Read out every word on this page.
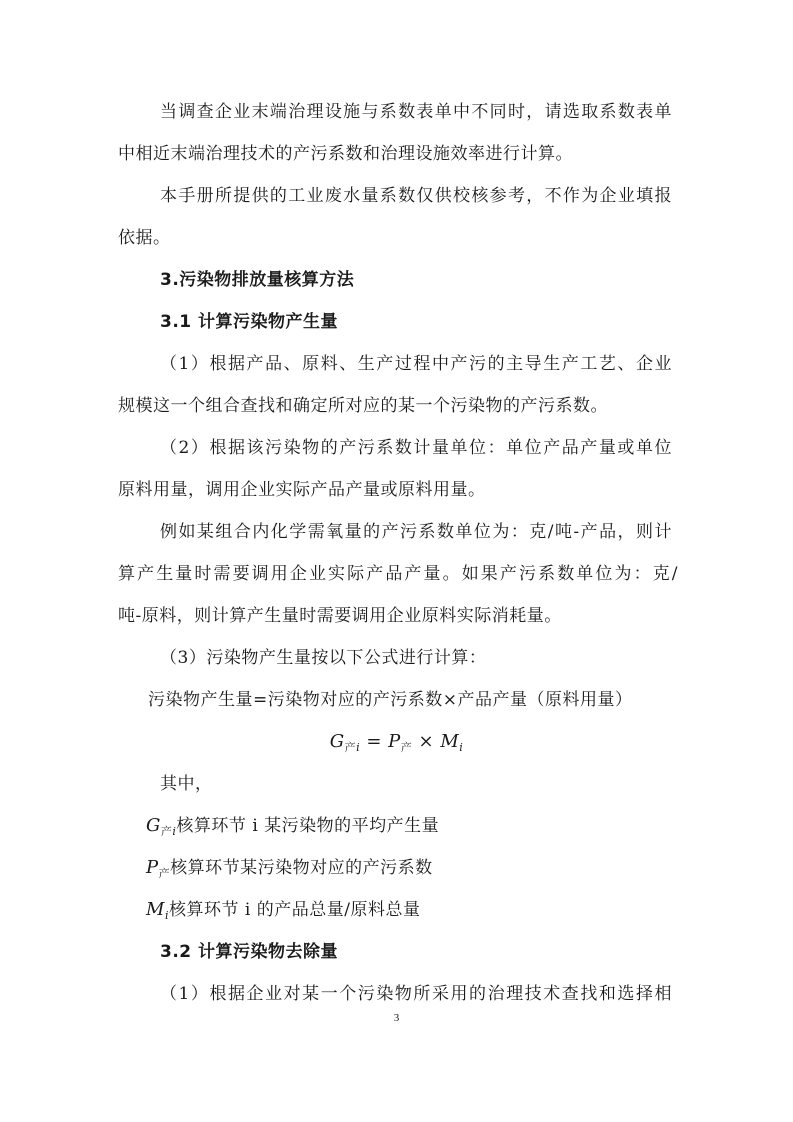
当调查企业末端治理设施与系数表单中不同时，请选取系数表单
中相近末端治理技术的产污系数和治理设施效率进行计算。
本手册所提供的工业废水量系数仅供校核参考，不作为企业填报
依据。
3.污染物排放量核算方法
3.1 计算污染物产生量
（1）根据产品、原料、生产过程中产污的主导生产工艺、企业
规模这一个组合查找和确定所对应的某一个污染物的产污系数。
（2）根据该污染物的产污系数计量单位：单位产品产量或单位
原料用量，调用企业实际产品产量或原料用量。
例如某组合内化学需氧量的产污系数单位为：克/吨-产品，则计
算产生量时需要调用企业实际产品产量。如果产污系数单位为：克/
吨-原料，则计算产生量时需要调用企业原料实际消耗量。
（3）污染物产生量按以下公式进行计算：
污染物产生量=污染物对应的产污系数×产品产量（原料用量）
$G_{产i} = P_产 \times M_i$
其中，
$G_{产i}$核算环节 i 某污染物的平均产生量
$P_产$核算环节某污染物对应的产污系数
$M_i$核算环节 i 的产品总量/原料总量
3.2 计算污染物去除量
（1）根据企业对某一个污染物所采用的治理技术查找和选择相
3
